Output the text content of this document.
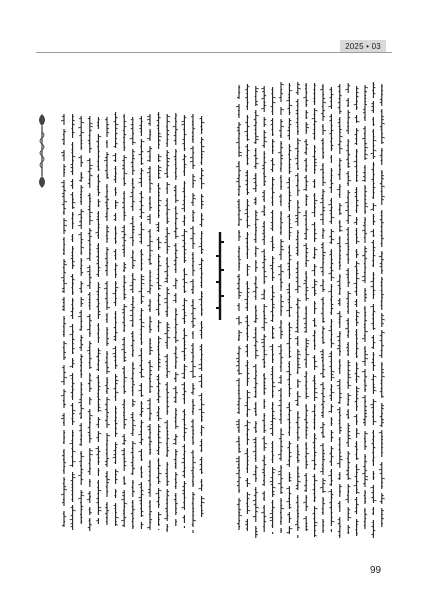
2025 • 03
99
